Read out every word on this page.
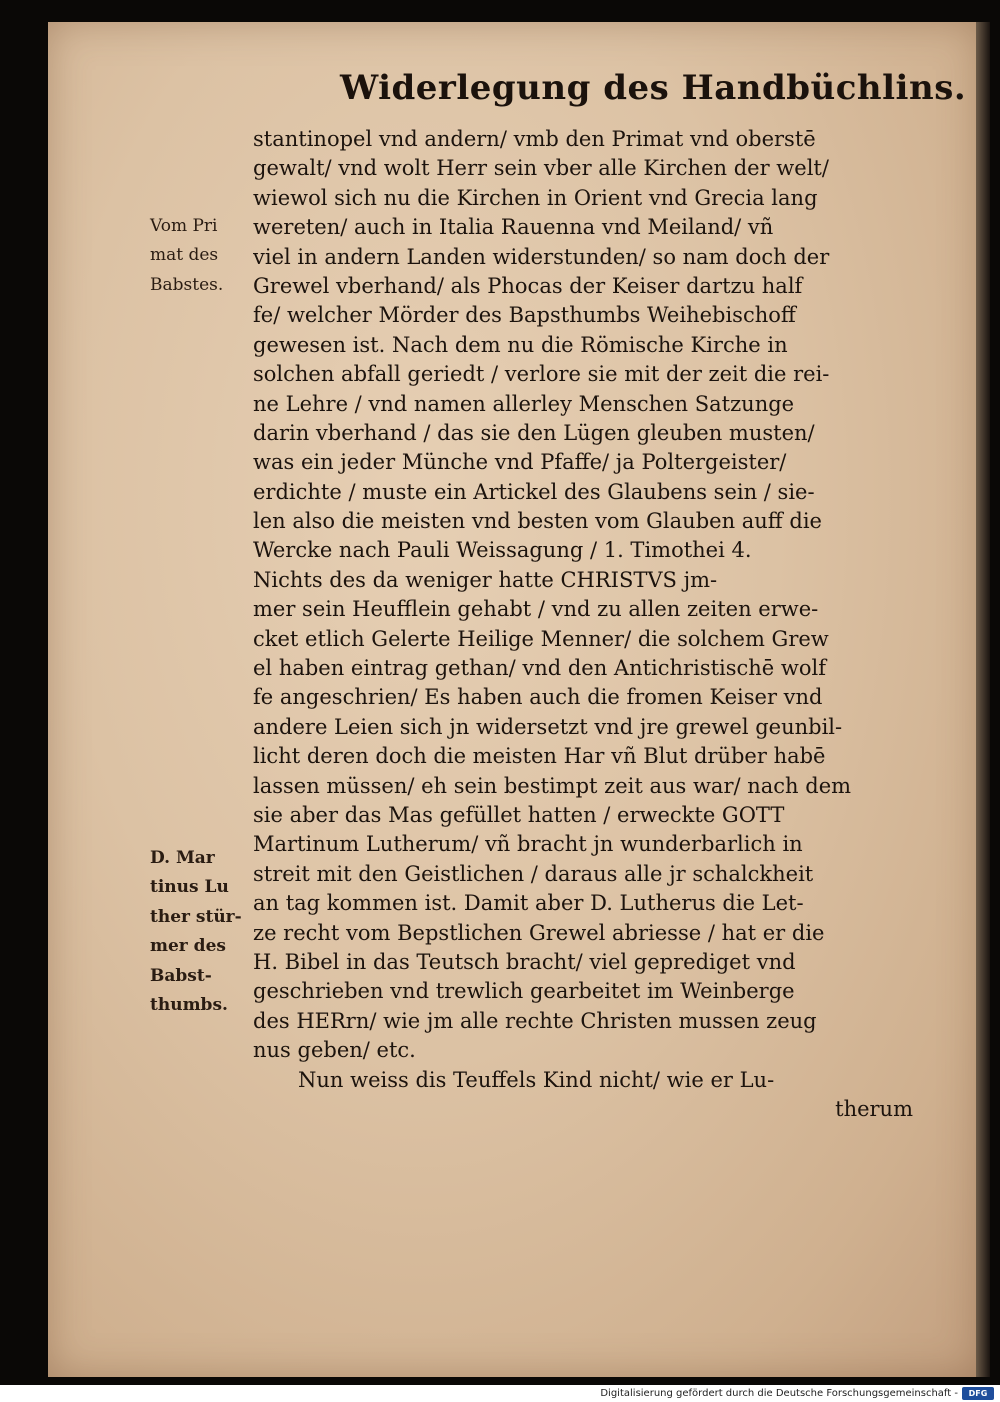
Widerlegung des Handbüchlins.
Vom Pri
mat des
Babstes.
D. Mar
tinus Lu
ther stür-
mer des
Babst-
thumbs.
stantinopel vnd andern/ vmb den Primat vnd oberstē
gewalt/ vnd wolt Herr sein vber alle Kirchen der welt/
wiewol sich nu die Kirchen in Orient vnd Grecia lang
wereten/ auch in Italia Rauenna vnd Meiland/ vñ
viel in andern Landen widerstunden/ so nam doch der
Grewel vberhand/ als Phocas der Keiser dartzu half
fe/ welcher Mörder des Bapsthumbs Weihebischoff
gewesen ist. Nach dem nu die Römische Kirche in
solchen abfall geriedt / verlore sie mit der zeit die rei-
ne Lehre / vnd namen allerley Menschen Satzunge
darin vberhand / das sie den Lügen gleuben musten/
was ein jeder Münche vnd Pfaffe/ ja Poltergeister/
erdichte / muste ein Artickel des Glaubens sein / sie-
len also die meisten vnd besten vom Glauben auff die
Wercke nach Pauli Weissagung / 1. Timothei 4.
Nichts des da weniger hatte CHRISTVS jm-
mer sein Heufflein gehabt / vnd zu allen zeiten erwe-
cket etlich Gelerte Heilige Menner/ die solchem Grew
el haben eintrag gethan/ vnd den Antichristischē wolf
fe angeschrien/ Es haben auch die fromen Keiser vnd
andere Leien sich jn widersetzt vnd jre grewel geunbil-
licht deren doch die meisten Har vñ Blut drüber habē
lassen müssen/ eh sein bestimpt zeit aus war/ nach dem
sie aber das Mas gefüllet hatten / erweckte GOTT
Martinum Lutherum/ vñ bracht jn wunderbarlich in
streit mit den Geistlichen / daraus alle jr schalckheit
an tag kommen ist. Damit aber D. Lutherus die Let-
ze recht vom Bepstlichen Grewel abriesse / hat er die
H. Bibel in das Teutsch bracht/ viel geprediget vnd
geschrieben vnd trewlich gearbeitet im Weinberge
des HERrn/ wie jm alle rechte Christen mussen zeug
nus geben/ etc.
Nun weiss dis Teuffels Kind nicht/ wie er Lu-
therum
Digitalisierung gefördert durch die Deutsche Forschungsgemeinschaft -	DFG
